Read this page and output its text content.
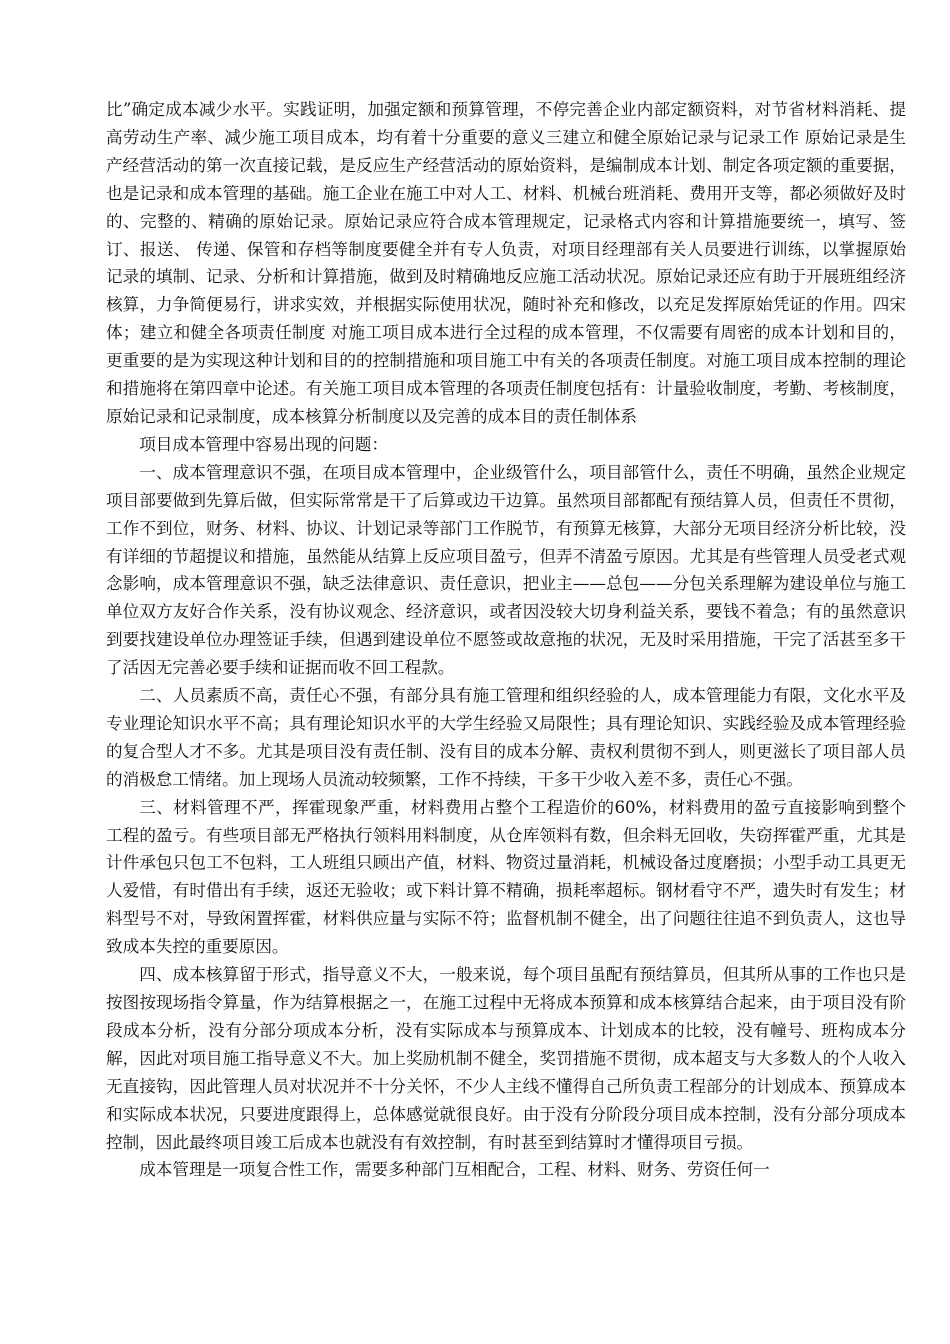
比”确定成本减少水平。实践证明，加强定额和预算管理，不停完善企业内部定额资料，对节省材料消耗、提高劳动生产率、减少施工项目成本，均有着十分重要的意义三建立和健全原始记录与记录工作 原始记录是生产经营活动的第一次直接记载，是反应生产经营活动的原始资料，是编制成本计划、制定各项定额的重要据，也是记录和成本管理的基础。施工企业在施工中对人工、材料、机械台班消耗、费用开支等，都必须做好及时的、完整的、精确的原始记录。原始记录应符合成本管理规定，记录格式内容和计算措施要统一，填写、签订、报送、 传递、保管和存档等制度要健全并有专人负责，对项目经理部有关人员要进行训练，以掌握原始记录的填制、记录、分析和计算措施，做到及时精确地反应施工活动状况。原始记录还应有助于开展班组经济核算，力争简便易行，讲求实效，并根据实际使用状况，随时补充和修改，以充足发挥原始凭证的作用。四宋体；建立和健全各项责任制度 对施工项目成本进行全过程的成本管理，不仅需要有周密的成本计划和目的，更重要的是为实现这种计划和目的的控制措施和项目施工中有关的各项责任制度。对施工项目成本控制的理论和措施将在第四章中论述。有关施工项目成本管理的各项责任制度包括有：计量验收制度，考勤、考核制度，原始记录和记录制度，成本核算分析制度以及完善的成本目的责任制体系

项目成本管理中容易出现的问题：

一、成本管理意识不强，在项目成本管理中，企业级管什么，项目部管什么，责任不明确，虽然企业规定项目部要做到先算后做，但实际常常是干了后算或边干边算。虽然项目部都配有预结算人员，但责任不贯彻，工作不到位，财务、材料、协议、计划记录等部门工作脱节，有预算无核算，大部分无项目经济分析比较，没有详细的节超提议和措施，虽然能从结算上反应项目盈亏，但弄不清盈亏原因。尤其是有些管理人员受老式观念影响，成本管理意识不强，缺乏法律意识、责任意识，把业主——总包——分包关系理解为建设单位与施工单位双方友好合作关系，没有协议观念、经济意识，或者因没较大切身利益关系，要钱不着急；有的虽然意识到要找建设单位办理签证手续，但遇到建设单位不愿签或故意拖的状况，无及时采用措施，干完了活甚至多干了活因无完善必要手续和证据而收不回工程款。

二、人员素质不高，责任心不强，有部分具有施工管理和组织经验的人，成本管理能力有限，文化水平及专业理论知识水平不高；具有理论知识水平的大学生经验又局限性；具有理论知识、实践经验及成本管理经验的复合型人才不多。尤其是项目没有责任制、没有目的成本分解、责权利贯彻不到人，则更滋长了项目部人员的消极怠工情绪。加上现场人员流动较频繁，工作不持续，干多干少收入差不多，责任心不强。

三、材料管理不严，挥霍现象严重，材料费用占整个工程造价的60%，材料费用的盈亏直接影响到整个工程的盈亏。有些项目部无严格执行领料用料制度，从仓库领料有数，但余料无回收，失窃挥霍严重，尤其是计件承包只包工不包料，工人班组只顾出产值，材料、物资过量消耗，机械设备过度磨损；小型手动工具更无人爱惜，有时借出有手续，返还无验收；或下料计算不精确，损耗率超标。钢材看守不严，遗失时有发生；材料型号不对，导致闲置挥霍，材料供应量与实际不符；监督机制不健全，出了问题往往追不到负责人，这也导致成本失控的重要原因。

四、成本核算留于形式，指导意义不大，一般来说，每个项目虽配有预结算员，但其所从事的工作也只是按图按现场指令算量，作为结算根据之一，在施工过程中无将成本预算和成本核算结合起来，由于项目没有阶段成本分析，没有分部分项成本分析，没有实际成本与预算成本、计划成本的比较，没有幢号、班构成本分解，因此对项目施工指导意义不大。加上奖励机制不健全，奖罚措施不贯彻，成本超支与大多数人的个人收入无直接钩，因此管理人员对状况并不十分关怀，不少人主线不懂得自己所负责工程部分的计划成本、预算成本和实际成本状况，只要进度跟得上，总体感觉就很良好。由于没有分阶段分项目成本控制，没有分部分项成本控制，因此最终项目竣工后成本也就没有有效控制，有时甚至到结算时才懂得项目亏损。

成本管理是一项复合性工作，需要多种部门互相配合，工程、材料、财务、劳资任何一
